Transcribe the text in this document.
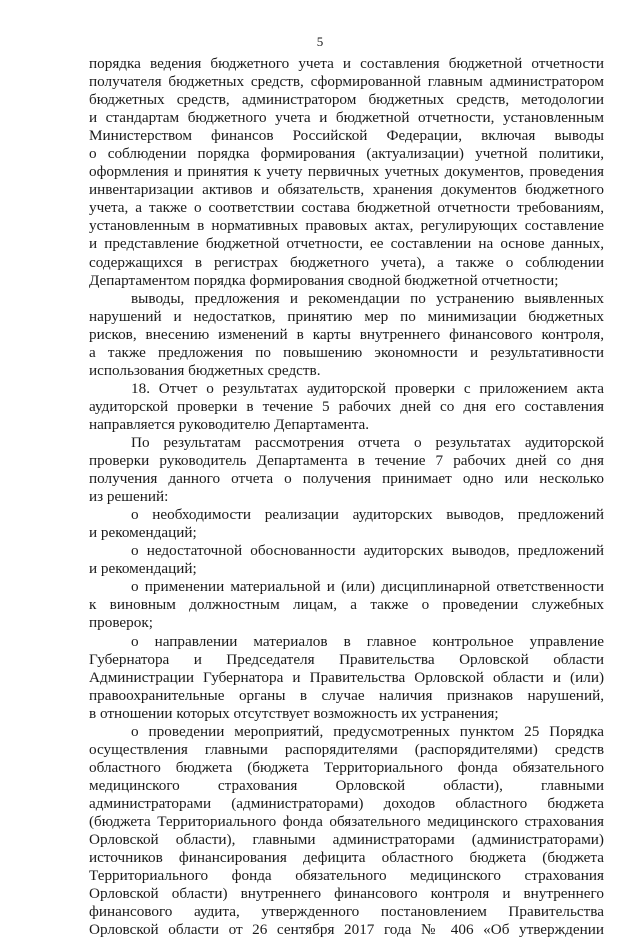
5

порядка ведения бюджетного учета и составления бюджетной отчетности
получателя бюджетных средств, сформированной главным администратором
бюджетных средств, администратором бюджетных средств, методологии
и стандартам бюджетного учета и бюджетной отчетности, установленным
Министерством финансов Российской Федерации, включая выводы
о соблюдении порядка формирования (актуализации) учетной политики,
оформления и принятия к учету первичных учетных документов, проведения
инвентаризации активов и обязательств, хранения документов бюджетного
учета, а также о соответствии состава бюджетной отчетности требованиям,
установленным в нормативных правовых актах, регулирующих составление
и представление бюджетной отчетности, ее составлении на основе данных,
содержащихся в регистрах бюджетного учета), а также о соблюдении
Департаментом порядка формирования сводной бюджетной отчетности;

выводы, предложения и рекомендации по устранению выявленных
нарушений и недостатков, принятию мер по минимизации бюджетных
рисков, внесению изменений в карты внутреннего финансового контроля,
а также предложения по повышению экономности и результативности
использования бюджетных средств.

18. Отчет о результатах аудиторской проверки с приложением акта
аудиторской проверки в течение 5 рабочих дней со дня его составления
направляется руководителю Департамента.

По результатам рассмотрения отчета о результатах аудиторской
проверки руководитель Департамента в течение 7 рабочих дней со дня
получения данного отчета о получения принимает одно или несколько
из решений:

о необходимости реализации аудиторских выводов, предложений
и рекомендаций;

о недостаточной обоснованности аудиторских выводов, предложений
и рекомендаций;

о применении материальной и (или) дисциплинарной ответственности
к виновным должностным лицам, а также о проведении служебных
проверок;

о направлении материалов в главное контрольное управление
Губернатора и Председателя Правительства Орловской области
Администрации Губернатора и Правительства Орловской области и (или)
правоохранительные органы в случае наличия признаков нарушений,
в отношении которых отсутствует возможность их устранения;

о проведении мероприятий, предусмотренных пунктом 25 Порядка
осуществления главными распорядителями (распорядителями) средств
областного бюджета (бюджета Территориального фонда обязательного
медицинского страхования Орловской области), главными
администраторами (администраторами) доходов областного бюджета
(бюджета Территориального фонда обязательного медицинского страхования
Орловской области), главными администраторами (администраторами)
источников финансирования дефицита областного бюджета (бюджета
Территориального фонда обязательного медицинского страхования
Орловской области) внутреннего финансового контроля и внутреннего
финансового аудита, утвержденного постановлением Правительства
Орловской области от 26 сентября 2017 года № 406 «Об утверждении
